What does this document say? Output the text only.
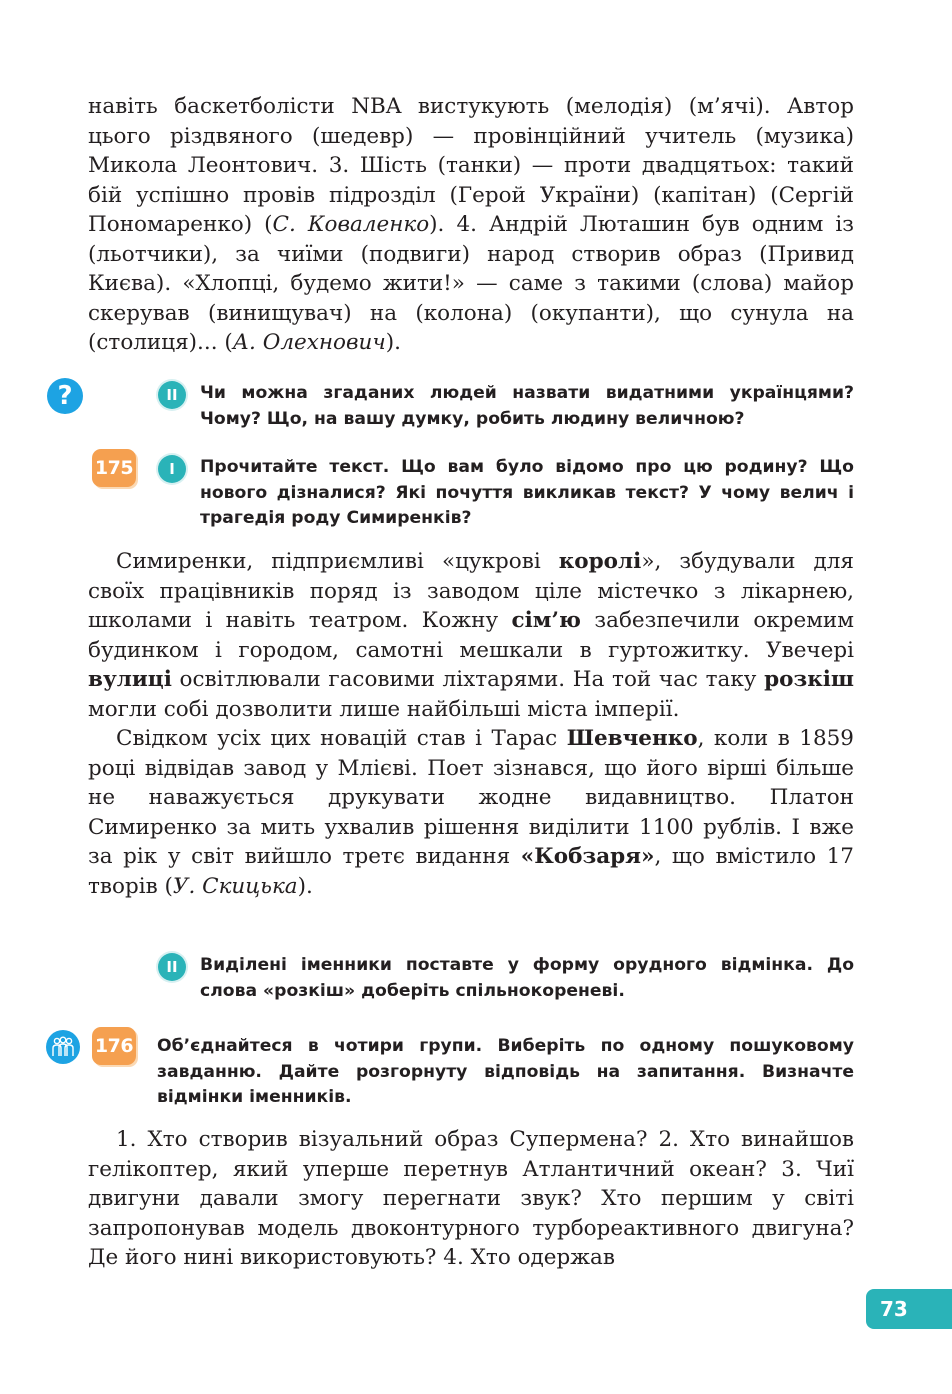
навіть баскетболісти NBA вистукують (мелодія) (м’ячі). Автор цього різдвяного (шедевр) — провінційний учитель (музика) Микола Леонтович. 3. Шість (танки) — проти двадцятьох: такий бій успішно провів підрозділ (Герой України) (капітан) (Сергій Пономаренко) (С. Коваленко). 4. Андрій Люташин був одним із (льотчики), за чиїми (подвиги) народ створив образ (Привид Києва). «Хлопці, будемо жити!» — саме з такими (слова) майор скерував (винищувач) на (колона) (окупанти), що сунула на (столиця)... (А. Олехнович).

?	II	Чи можна згаданих людей назвати видатними українцями? Чому? Що, на вашу думку, робить людину величною?
175	I	Прочитайте текст. Що вам було відомо про цю родину? Що нового дізналися? Які почуття викликав текст? У чому велич і трагедія роду Симиренків?

Симиренки, підприємливі «цукрові королі», збудували для своїх працівників поряд із заводом ціле містечко з лікарнею, школами і навіть театром. Кожну сім’ю забезпечили окремим будинком і городом, самотні мешкали в гуртожитку. Увечері вулиці освітлювали гасовими ліхтарями. На той час таку розкіш могли собі дозволити лише найбільші міста імперії.

Свідком усіх цих новацій став і Тарас Шевченко, коли в 1859 році відвідав завод у Млієві. Поет зізнався, що його вірші більше не наважується друкувати жодне видавництво. Платон Симиренко за мить ухвалив рішення виділити 1100 рублів. І вже за рік у світ вийшло третє видання «Кобзаря», що вмістило 17 творів (У. Скицька).

II	Виділені іменники поставте у форму орудного відмінка. До слова «розкіш» доберіть спільнокореневі.
176 Об’єднайтеся в чотири групи. Виберіть по одному пошуковому завданню. Дайте розгорнуту відповідь на запитання. Визначте відмінки іменників.

1. Хто створив візуальний образ Супермена? 2. Хто винайшов гелікоптер, який уперше перетнув Атлантичний океан? 3. Чиї двигуни давали змогу перегнати звук? Хто першим у світі запропонував модель двоконтурного турбореактивного двигуна? Де його нині використовують? 4. Хто одержав

73
